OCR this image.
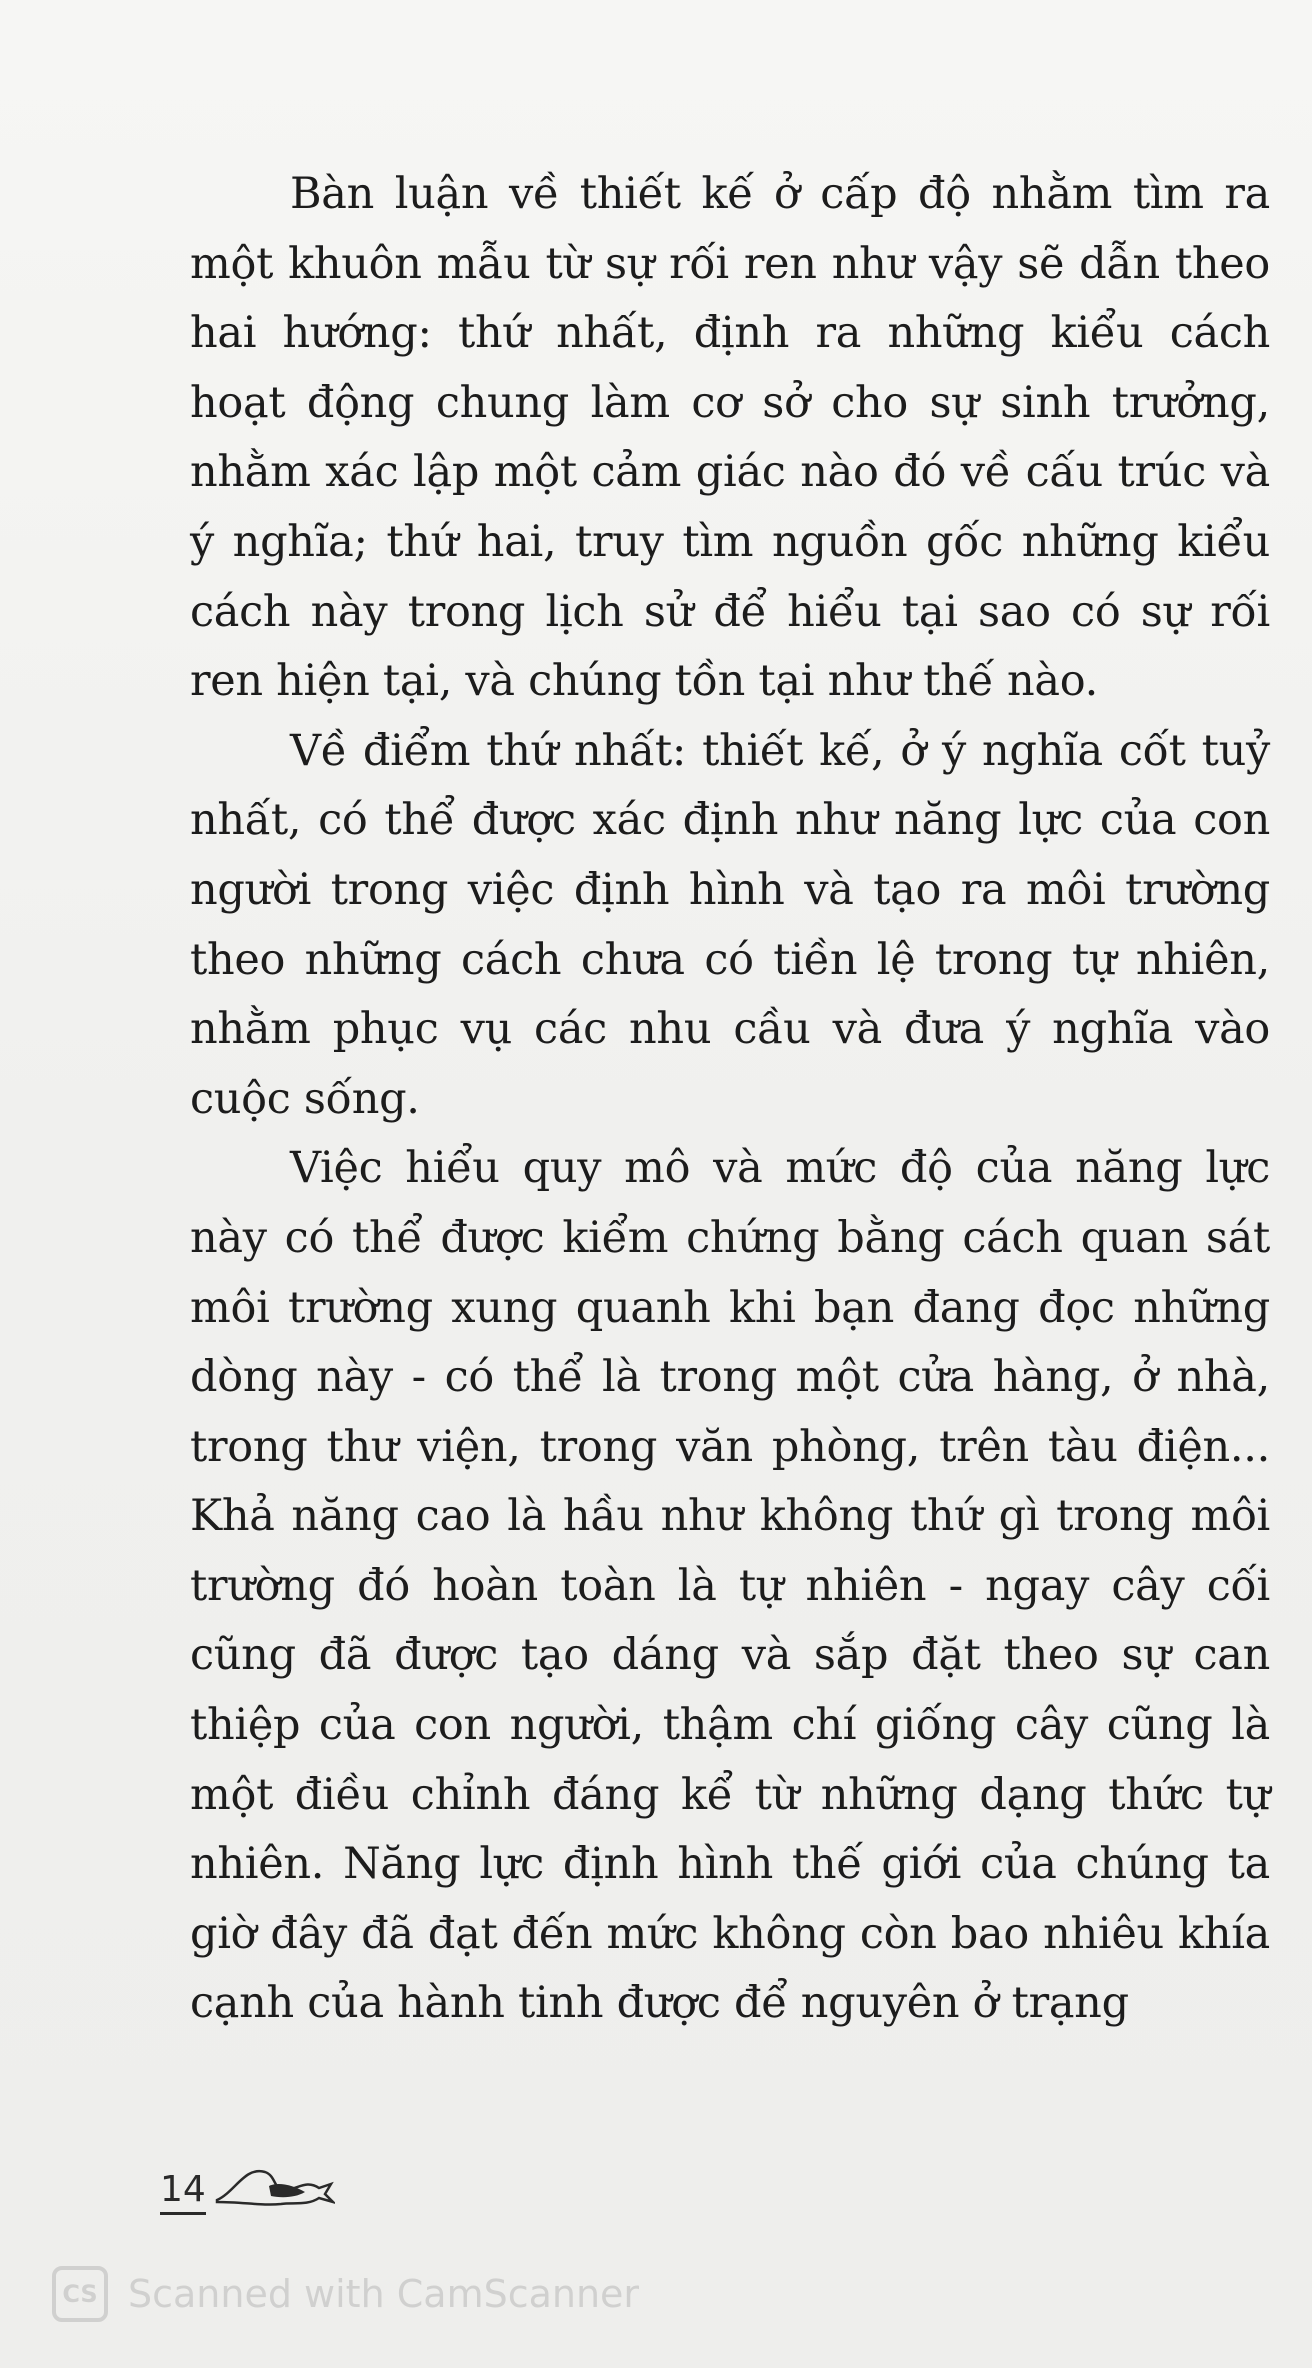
Bàn luận về thiết kế ở cấp độ nhằm tìm ra một khuôn mẫu từ sự rối ren như vậy sẽ dẫn theo hai hướng: thứ nhất, định ra những kiểu cách hoạt động chung làm cơ sở cho sự sinh trưởng, nhằm xác lập một cảm giác nào đó về cấu trúc và ý nghĩa; thứ hai, truy tìm nguồn gốc những kiểu cách này trong lịch sử để hiểu tại sao có sự rối ren hiện tại, và chúng tồn tại như thế nào.

Về điểm thứ nhất: thiết kế, ở ý nghĩa cốt tuỷ nhất, có thể được xác định như năng lực của con người trong việc định hình và tạo ra môi trường theo những cách chưa có tiền lệ trong tự nhiên, nhằm phục vụ các nhu cầu và đưa ý nghĩa vào cuộc sống.

Việc hiểu quy mô và mức độ của năng lực này có thể được kiểm chứng bằng cách quan sát môi trường xung quanh khi bạn đang đọc những dòng này - có thể là trong một cửa hàng, ở nhà, trong thư viện, trong văn phòng, trên tàu điện... Khả năng cao là hầu như không thứ gì trong môi trường đó hoàn toàn là tự nhiên - ngay cây cối cũng đã được tạo dáng và sắp đặt theo sự can thiệp của con người, thậm chí giống cây cũng là một điều chỉnh đáng kể từ những dạng thức tự nhiên. Năng lực định hình thế giới của chúng ta giờ đây đã đạt đến mức không còn bao nhiêu khía cạnh của hành tinh được để nguyên ở trạng

14
CS Scanned with CamScanner
